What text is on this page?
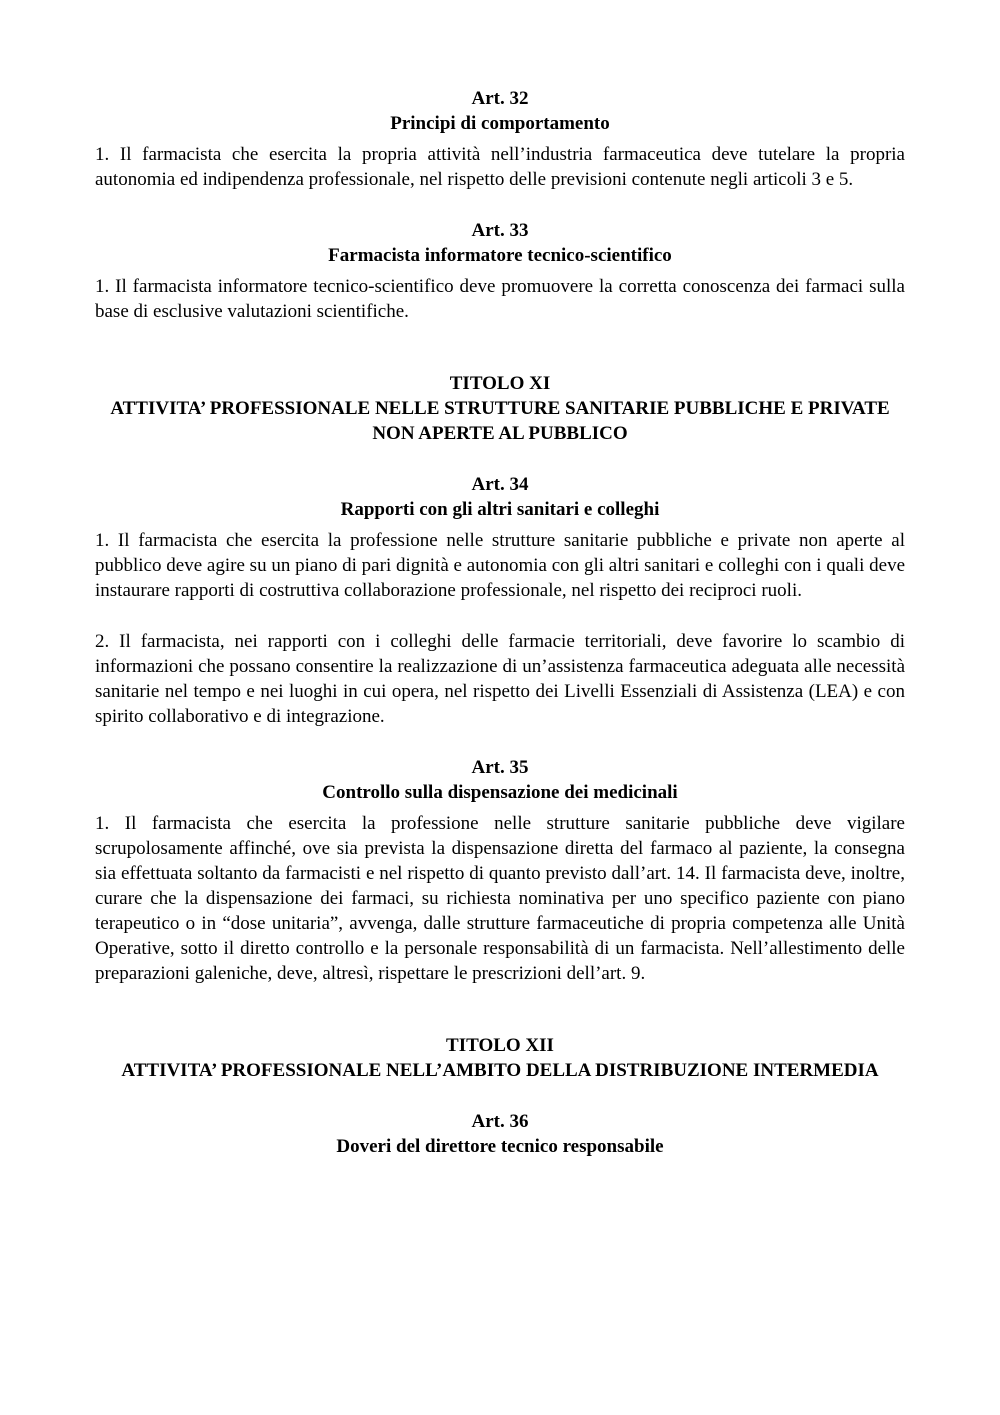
Art. 32

Principi di comportamento

1. Il farmacista che esercita la propria attività nell’industria farmaceutica deve tutelare la propria autonomia ed indipendenza professionale, nel rispetto delle previsioni contenute negli articoli 3 e 5.

Art. 33

Farmacista informatore tecnico-scientifico

1. Il farmacista informatore tecnico-scientifico deve promuovere la corretta conoscenza dei farmaci sulla base di esclusive valutazioni scientifiche.

TITOLO XI

ATTIVITA’ PROFESSIONALE NELLE STRUTTURE SANITARIE PUBBLICHE E PRIVATE NON APERTE AL PUBBLICO

Art. 34

Rapporti con gli altri sanitari e colleghi

1. Il farmacista che esercita la professione nelle strutture sanitarie pubbliche e private non aperte al pubblico deve agire su un piano di pari dignità e autonomia con gli altri sanitari e colleghi con i quali deve instaurare rapporti di costruttiva collaborazione professionale, nel rispetto dei reciproci ruoli.

2. Il farmacista, nei rapporti con i colleghi delle farmacie territoriali, deve favorire lo scambio di informazioni che possano consentire la realizzazione di un’assistenza farmaceutica adeguata alle necessità sanitarie nel tempo e nei luoghi in cui opera, nel rispetto dei Livelli Essenziali di Assistenza (LEA) e con spirito collaborativo e di integrazione.

Art. 35

Controllo sulla dispensazione dei medicinali

1. Il farmacista che esercita la professione nelle strutture sanitarie pubbliche deve vigilare scrupolosamente affinché, ove sia prevista la dispensazione diretta del farmaco al paziente, la consegna sia effettuata soltanto da farmacisti e nel rispetto di quanto previsto dall’art. 14. Il farmacista deve, inoltre, curare che la dispensazione dei farmaci, su richiesta nominativa per uno specifico paziente con piano terapeutico o in “dose unitaria”, avvenga, dalle strutture farmaceutiche di propria competenza alle Unità Operative, sotto il diretto controllo e la personale responsabilità di un farmacista. Nell’allestimento delle preparazioni galeniche, deve, altresì, rispettare le prescrizioni dell’art. 9.

TITOLO XII

ATTIVITA’ PROFESSIONALE NELL’AMBITO DELLA DISTRIBUZIONE INTERMEDIA

Art. 36

Doveri del direttore tecnico responsabile
